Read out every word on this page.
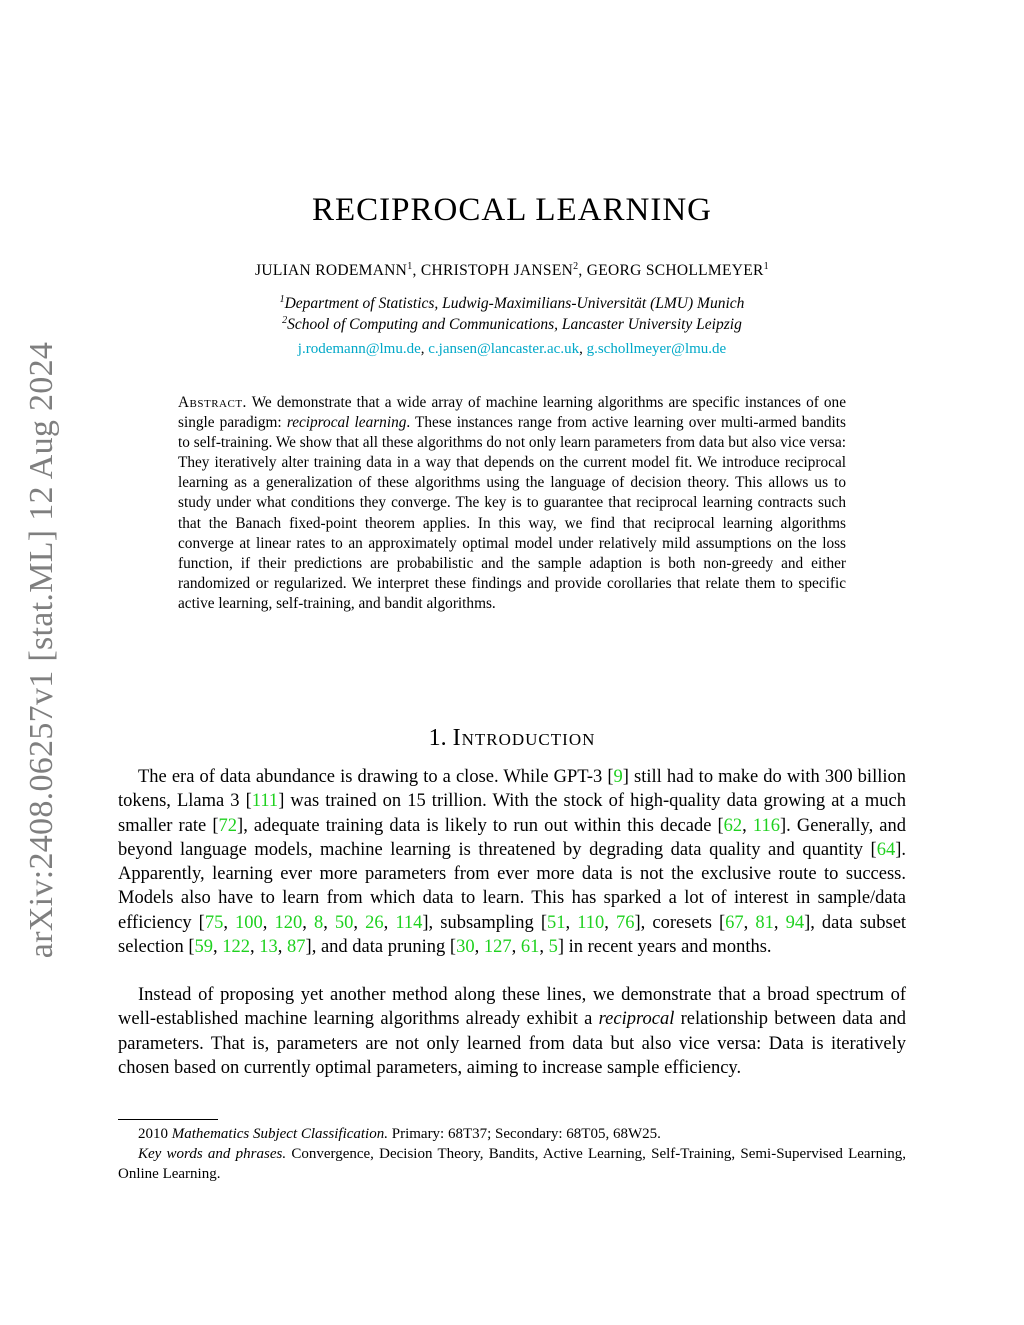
arXiv:2408.06257v1 [stat.ML] 12 Aug 2024
RECIPROCAL LEARNING
JULIAN RODEMANN$^1$, CHRISTOPH JANSEN$^2$, GEORG SCHOLLMEYER$^1$
$^1$Department of Statistics, Ludwig-Maximilians-Universität (LMU) Munich
$^2$School of Computing and Communications, Lancaster University Leipzig
j.rodemann@lmu.de, c.jansen@lancaster.ac.uk, g.schollmeyer@lmu.de
Abstract. We demonstrate that a wide array of machine learning algorithms are specific instances of one single paradigm: reciprocal learning. These instances range from active learning over multi-armed bandits to self-training. We show that all these algorithms do not only learn parameters from data but also vice versa: They iteratively alter training data in a way that depends on the current model fit. We introduce reciprocal learning as a generalization of these algorithms using the language of decision theory. This allows us to study under what conditions they converge. The key is to guarantee that reciprocal learning contracts such that the Banach fixed-point theorem applies. In this way, we find that reciprocal learning algorithms converge at linear rates to an approximately optimal model under relatively mild assumptions on the loss function, if their predictions are probabilistic and the sample adaption is both non-greedy and either randomized or regularized. We interpret these findings and provide corollaries that relate them to specific active learning, self-training, and bandit algorithms.
1. Introduction
The era of data abundance is drawing to a close. While GPT-3 [9] still had to make do with 300 billion tokens, Llama 3 [111] was trained on 15 trillion. With the stock of high-quality data growing at a much smaller rate [72], adequate training data is likely to run out within this decade [62, 116]. Generally, and beyond language models, machine learning is threatened by degrading data quality and quantity [64]. Apparently, learning ever more parameters from ever more data is not the exclusive route to success. Models also have to learn from which data to learn. This has sparked a lot of interest in sample/data efficiency [75, 100, 120, 8, 50, 26, 114], subsampling [51, 110, 76], coresets [67, 81, 94], data subset selection [59, 122, 13, 87], and data pruning [30, 127, 61, 5] in recent years and months.
Instead of proposing yet another method along these lines, we demonstrate that a broad spectrum of well-established machine learning algorithms already exhibit a reciprocal relationship between data and parameters. That is, parameters are not only learned from data but also vice versa: Data is iteratively chosen based on currently optimal parameters, aiming to increase sample efficiency.
2010 Mathematics Subject Classification. Primary: 68T37; Secondary: 68T05, 68W25.
Key words and phrases. Convergence, Decision Theory, Bandits, Active Learning, Self-Training, Semi-Supervised Learning, Online Learning.
